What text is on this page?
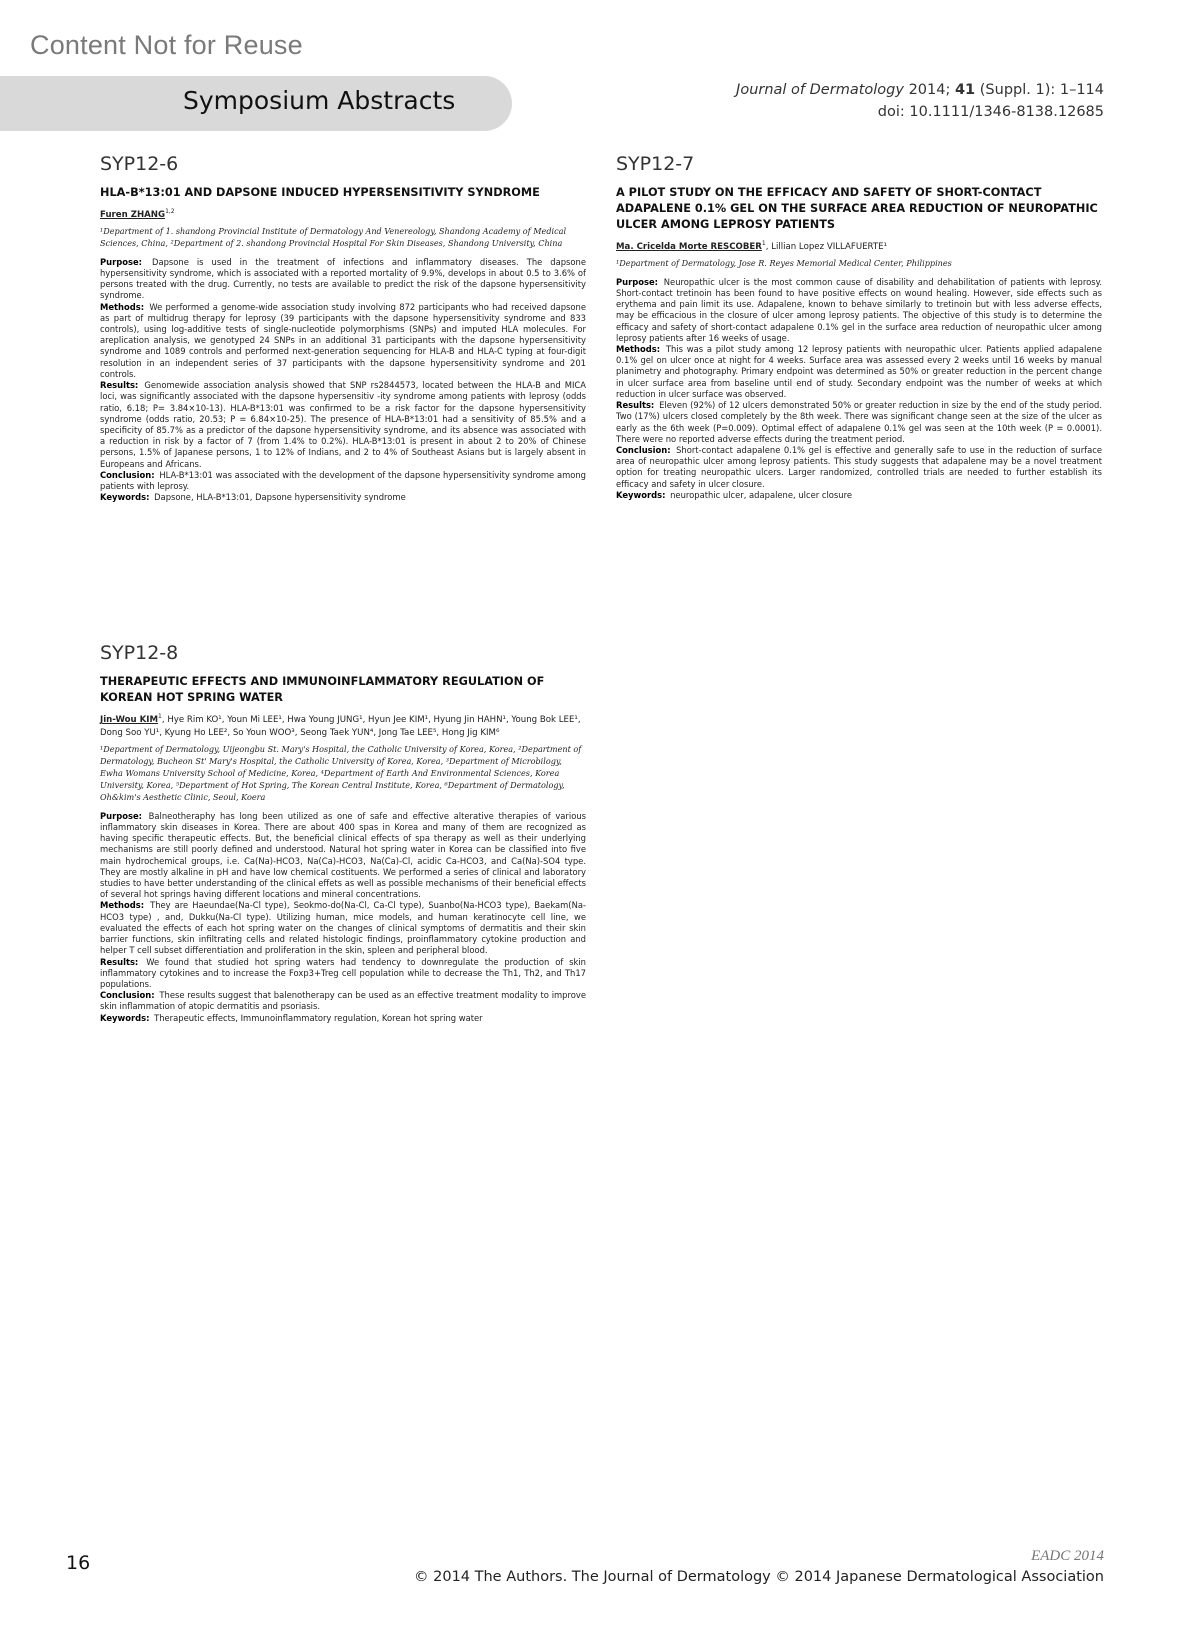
Content Not for Reuse
Symposium Abstracts	Journal of Dermatology 2014; 41 (Suppl. 1): 1–114
doi: 10.1111/1346-8138.12685
SYP12-6
HLA-B*13:01 AND DAPSONE INDUCED HYPERSENSITIVITY SYNDROME
Furen ZHANG$^{1,2}$
¹Department of 1. shandong Provincial Institute of Dermatology And Venereology, Shandong Academy of Medical Sciences, China, ²Department of 2. shandong Provincial Hospital For Skin Diseases, Shandong University, China

Purpose: Dapsone is used in the treatment of infections and inflammatory diseases. The dapsone hypersensitivity syndrome, which is associated with a reported mortality of 9.9%, develops in about 0.5 to 3.6% of persons treated with the drug. Currently, no tests are available to predict the risk of the dapsone hypersensitivity syndrome.
Methods: We performed a genome-wide association study involving 872 participants who had received dapsone as part of multidrug therapy for leprosy (39 participants with the dapsone hypersensitivity syndrome and 833 controls), using log-additive tests of single-nucleotide polymorphisms (SNPs) and imputed HLA molecules. For areplication analysis, we genotyped 24 SNPs in an additional 31 participants with the dapsone hypersensitivity syndrome and 1089 controls and performed next-generation sequencing for HLA-B and HLA-C typing at four-digit resolution in an independent series of 37 participants with the dapsone hypersensitivity syndrome and 201 controls.
Results: Genomewide association analysis showed that SNP rs2844573, located between the HLA-B and MICA loci, was significantly associated with the dapsone hypersensitiv -ity syndrome among patients with leprosy (odds ratio, 6.18; P= 3.84×10-13). HLA-B*13:01 was confirmed to be a risk factor for the dapsone hypersensitivity syndrome (odds ratio, 20.53; P = 6.84×10-25). The presence of HLA-B*13:01 had a sensitivity of 85.5% and a specificity of 85.7% as a predictor of the dapsone hypersensitivity syndrome, and its absence was associated with a reduction in risk by a factor of 7 (from 1.4% to 0.2%). HLA-B*13:01 is present in about 2 to 20% of Chinese persons, 1.5% of Japanese persons, 1 to 12% of Indians, and 2 to 4% of Southeast Asians but is largely absent in Europeans and Africans.
Conclusion: HLA-B*13:01 was associated with the development of the dapsone hypersensitivity syndrome among patients with leprosy.
Keywords: Dapsone, HLA-B*13:01, Dapsone hypersensitivity syndrome

SYP12-7
A PILOT STUDY ON THE EFFICACY AND SAFETY OF SHORT-CONTACT ADAPALENE 0.1% GEL ON THE SURFACE AREA REDUCTION OF NEUROPATHIC ULCER AMONG LEPROSY PATIENTS
Ma. Cricelda Morte RESCOBER$^1$, Lillian Lopez VILLAFUERTE¹
¹Department of Dermatology, Jose R. Reyes Memorial Medical Center, Philippines

Purpose: Neuropathic ulcer is the most common cause of disability and dehabilitation of patients with leprosy. Short-contact tretinoin has been found to have positive effects on wound healing. However, side effects such as erythema and pain limit its use. Adapalene, known to behave similarly to tretinoin but with less adverse effects, may be efficacious in the closure of ulcer among leprosy patients. The objective of this study is to determine the efficacy and safety of short-contact adapalene 0.1% gel in the surface area reduction of neuropathic ulcer among leprosy patients after 16 weeks of usage.
Methods: This was a pilot study among 12 leprosy patients with neuropathic ulcer. Patients applied adapalene 0.1% gel on ulcer once at night for 4 weeks. Surface area was assessed every 2 weeks until 16 weeks by manual planimetry and photography. Primary endpoint was determined as 50% or greater reduction in the percent change in ulcer surface area from baseline until end of study. Secondary endpoint was the number of weeks at which reduction in ulcer surface was observed.
Results: Eleven (92%) of 12 ulcers demonstrated 50% or greater reduction in size by the end of the study period. Two (17%) ulcers closed completely by the 8th week. There was significant change seen at the size of the ulcer as early as the 6th week (P=0.009). Optimal effect of adapalene 0.1% gel was seen at the 10th week (P = 0.0001). There were no reported adverse effects during the treatment period.
Conclusion: Short-contact adapalene 0.1% gel is effective and generally safe to use in the reduction of surface area of neuropathic ulcer among leprosy patients. This study suggests that adapalene may be a novel treatment option for treating neuropathic ulcers. Larger randomized, controlled trials are needed to further establish its efficacy and safety in ulcer closure.
Keywords: neuropathic ulcer, adapalene, ulcer closure

SYP12-8
THERAPEUTIC EFFECTS AND IMMUNOINFLAMMATORY REGULATION OF KOREAN HOT SPRING WATER
Jin-Wou KIM$^1$, Hye Rim KO¹, Youn Mi LEE¹, Hwa Young JUNG¹, Hyun Jee KIM¹, Hyung Jin HAHN¹, Young Bok LEE¹, Dong Soo YU¹, Kyung Ho LEE², So Youn WOO³, Seong Taek YUN⁴, Jong Tae LEE⁵, Hong Jig KIM⁶
¹Department of Dermatology, Uijeongbu St. Mary's Hospital, the Catholic University of Korea, Korea, ²Department of Dermatology, Bucheon St' Mary's Hospital, the Catholic University of Korea, Korea, ³Department of Microbilogy, Ewha Womans University School of Medicine, Korea, ⁴Department of Earth And Environmental Sciences, Korea University, Korea, ⁵Department of Hot Spring, The Korean Central Institute, Korea, ⁶Department of Dermatology, Oh&kim's Aesthetic Clinic, Seoul, Koera

Purpose: Balneotheraphy has long been utilized as one of safe and effective alterative therapies of various inflammatory skin diseases in Korea. There are about 400 spas in Korea and many of them are recognized as having specific therapeutic effects. But, the beneficial clinical effects of spa therapy as well as their underlying mechanisms are still poorly defined and understood. Natural hot spring water in Korea can be classified into five main hydrochemical groups, i.e. Ca(Na)-HCO3, Na(Ca)-HCO3, Na(Ca)-Cl, acidic Ca-HCO3, and Ca(Na)-SO4 type. They are mostly alkaline in pH and have low chemical costituents. We performed a series of clinical and laboratory studies to have better understanding of the clinical effets as well as possible mechanisms of their beneficial effects of several hot springs having different locations and mineral concentrations.
Methods: They are Haeundae(Na-Cl type), Seokmo-do(Na-Cl, Ca-Cl type), Suanbo(Na-HCO3 type), Baekam(Na-HCO3 type) , and, Dukku(Na-Cl type). Utilizing human, mice models, and human keratinocyte cell line, we evaluated the effects of each hot spring water on the changes of clinical symptoms of dermatitis and their skin barrier functions, skin infiltrating cells and related histologic findings, proinflammatory cytokine production and helper T cell subset differentiation and proliferation in the skin, spleen and peripheral blood.
Results: We found that studied hot spring waters had tendency to downregulate the production of skin inflammatory cytokines and to increase the Foxp3+Treg cell population while to decrease the Th1, Th2, and Th17 populations.
Conclusion: These results suggest that balenotherapy can be used as an effective treatment modality to improve skin inflammation of atopic dermatitis and psoriasis.
Keywords: Therapeutic effects, Immunoinflammatory regulation, Korean hot spring water

16	EADC 2014
© 2014 The Authors. The Journal of Dermatology © 2014 Japanese Dermatological Association
